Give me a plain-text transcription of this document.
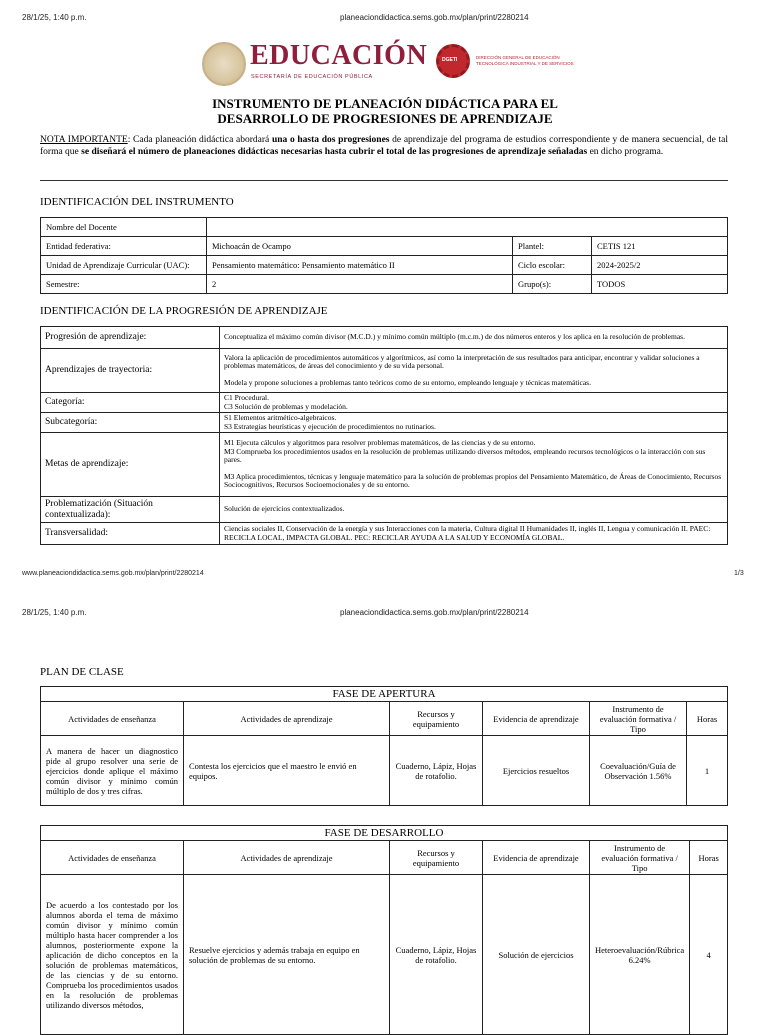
28/1/25, 1:40 p.m.	planeaciondidactica.sems.gob.mx/plan/print/2280214
EDUCACIÓN
SECRETARÍA DE EDUCACIÓN PÚBLICA
DGETI	DIRECCIÓN GENERAL DE EDUCACIÓN TECNOLÓGICA INDUSTRIAL Y DE SERVICIOS
INSTRUMENTO DE PLANEACIÓN DIDÁCTICA PARA EL
DESARROLLO DE PROGRESIONES DE APRENDIZAJE
NOTA IMPORTANTE: Cada planeación didáctica abordará una o hasta dos progresiones de aprendizaje del programa de estudios correspondiente y de manera secuencial, de tal forma que se diseñará el número de planeaciones didácticas necesarias hasta cubrir el total de las progresiones de aprendizaje señaladas en dicho programa.
IDENTIFICACIÓN DEL INSTRUMENTO
Nombre del Docente			
Entidad federativa:	Michoacán de Ocampo	Plantel:	CETIS 121
Unidad de Aprendizaje Curricular (UAC):	Pensamiento matemático: Pensamiento matemático II	Ciclo escolar:	2024-2025/2
Semestre:	2	Grupo(s):	TODOS
IDENTIFICACIÓN DE LA PROGRESIÓN DE APRENDIZAJE
Progresión de aprendizaje:	Conceptualiza el máximo común divisor (M.C.D.) y mínimo común múltiplo (m.c.m.) de dos números enteros y los aplica en la resolución de problemas.

Aprendizajes de trayectoria:	Valora la aplicación de procedimientos automáticos y algorítmicos, así como la interpretación de sus resultados para anticipar, encontrar y validar soluciones a problemas matemáticos, de áreas del conocimiento y de su vida personal.
Modela y propone soluciones a problemas tanto teóricos como de su entorno, empleando lenguaje y técnicas matemáticas.

Categoría:	C1 Procedural.
C3 Solución de problemas y modelación.

Subcategoría:	S1 Elementos aritmético-algebraicos.
S3 Estrategias heurísticas y ejecución de procedimientos no rutinarios.

Metas de aprendizaje:	M1 Ejecuta cálculos y algoritmos para resolver problemas matemáticos, de las ciencias y de su entorno.
M3 Comprueba los procedimientos usados en la resolución de problemas utilizando diversos métodos, empleando recursos tecnológicos o la interacción con sus pares.
M3 Aplica procedimientos, técnicas y lenguaje matemático para la solución de problemas propios del Pensamiento Matemático, de Áreas de Conocimiento, Recursos Sociocognitivos, Recursos Socioemocionales y de su entorno.

Problematización (Situación contextualizada):	Solución de ejercicios contextualizados.

Transversalidad:	Ciencias sociales II, Conservación de la energía y sus Interacciones con la materia, Cultura digital II Humanidades II, inglés II, Lengua y comunicación II. PAEC: RECICLA LOCAL, IMPACTA GLOBAL. PEC: RECICLAR AYUDA A LA SALUD Y ECONOMÍA GLOBAL.
www.planeaciondidactica.sems.gob.mx/plan/print/2280214	1/3
28/1/25, 1:40 p.m.	planeaciondidactica.sems.gob.mx/plan/print/2280214
PLAN DE CLASE
FASE DE APERTURA					
Actividades de enseñanza	Actividades de aprendizaje	Recursos y equipamiento	Evidencia de aprendizaje	Instrumento de evaluación formativa / Tipo	Horas
A manera de hacer un diagnostico pide al grupo resolver una serie de ejercicios donde aplique el máximo común divisor y mínimo común múltiplo de dos y tres cifras.	Contesta los ejercicios que el maestro le envió en equipos.	Cuaderno, Lápiz, Hojas de rotafolio.	Ejercicios resueltos	Coevaluación/Guía de Observación 1.56%	1
FASE DE DESARROLLO					
Actividades de enseñanza	Actividades de aprendizaje	Recursos y equipamiento	Evidencia de aprendizaje	Instrumento de evaluación formativa / Tipo	Horas
De acuerdo a los contestado por los alumnos aborda el tema de máximo común divisor y mínimo común múltiplo hasta hacer comprender a los alumnos, posteriormente expone la aplicación de dicho conceptos en la solución de problemas matemáticos, de las ciencias y de su entorno. Comprueba los procedimientos usados en la resolución de problemas utilizando diversos métodos,	Resuelve ejercicios y además trabaja en equipo en solución de problemas de su entorno.	Cuaderno, Lápiz, Hojas de rotafolio.	Solución de ejercicios	Heteroevaluación/Rúbrica 6.24%	4
